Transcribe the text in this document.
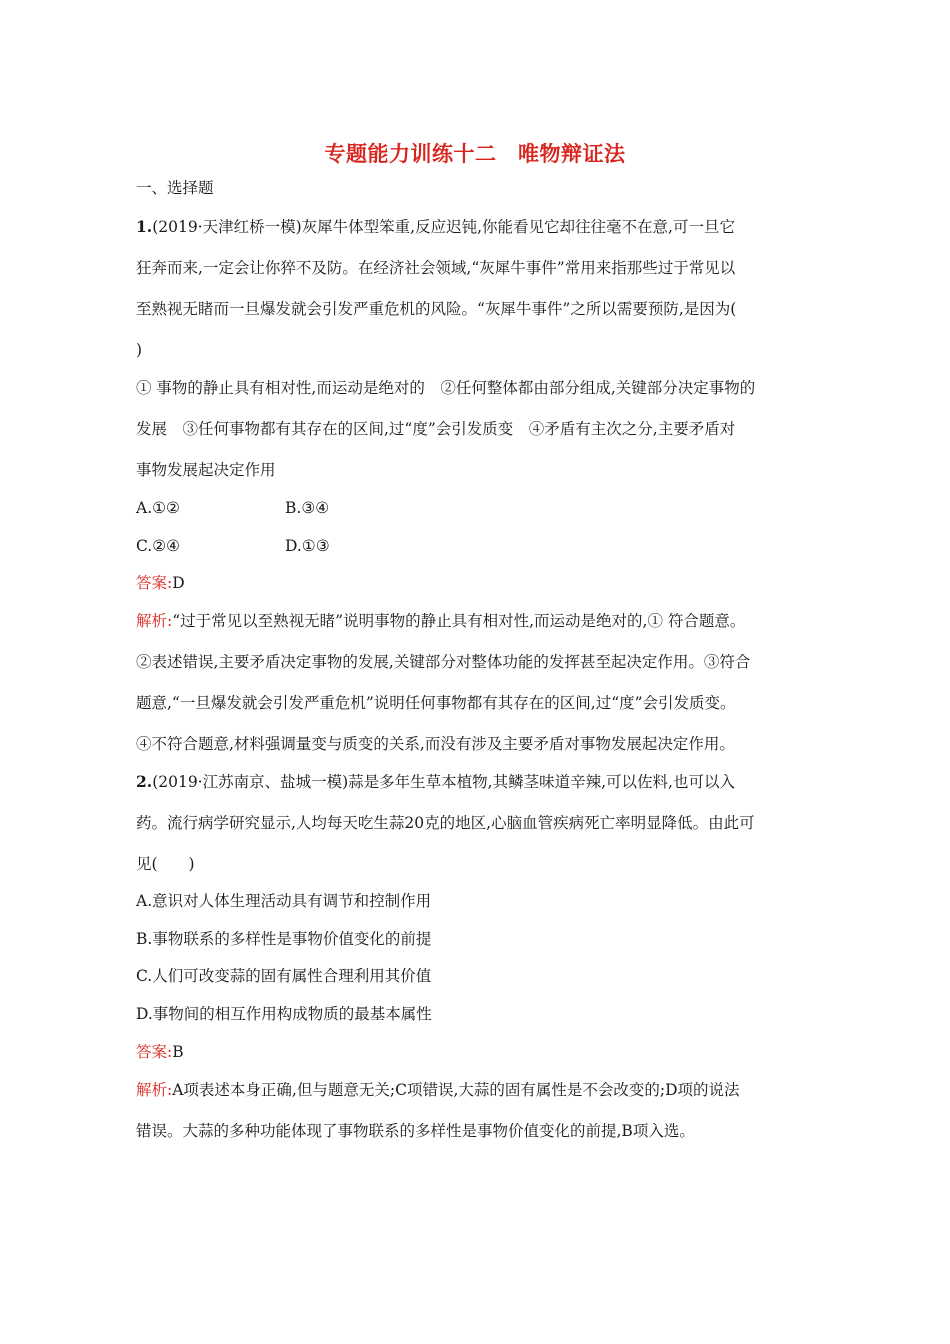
专题能力训练十二　唯物辩证法
一、选择题
1.(2019·天津红桥一模)灰犀牛体型笨重,反应迟钝,你能看见它却往往毫不在意,可一旦它
狂奔而来,一定会让你猝不及防。在经济社会领域,“灰犀牛事件”常用来指那些过于常见以
至熟视无睹而一旦爆发就会引发严重危机的风险。“灰犀牛事件”之所以需要预防,是因为(
)
① 事物的静止具有相对性,而运动是绝对的　②任何整体都由部分组成,关键部分决定事物的
发展　③任何事物都有其存在的区间,过“度”会引发质变　④矛盾有主次之分,主要矛盾对
事物发展起决定作用
A.①②	B.③④
C.②④	D.①③
答案:D
解析:“过于常见以至熟视无睹”说明事物的静止具有相对性,而运动是绝对的,① 符合题意。
②表述错误,主要矛盾决定事物的发展,关键部分对整体功能的发挥甚至起决定作用。③符合
题意,“一旦爆发就会引发严重危机”说明任何事物都有其存在的区间,过“度”会引发质变。
④不符合题意,材料强调量变与质变的关系,而没有涉及主要矛盾对事物发展起决定作用。
2.(2019·江苏南京、盐城一模)蒜是多年生草本植物,其鳞茎味道辛辣,可以佐料,也可以入
药。流行病学研究显示,人均每天吃生蒜20克的地区,心脑血管疾病死亡率明显降低。由此可
见(　　)
A.意识对人体生理活动具有调节和控制作用
B.事物联系的多样性是事物价值变化的前提
C.人们可改变蒜的固有属性合理利用其价值
D.事物间的相互作用构成物质的最基本属性
答案:B
解析:A项表述本身正确,但与题意无关;C项错误,大蒜的固有属性是不会改变的;D项的说法
错误。大蒜的多种功能体现了事物联系的多样性是事物价值变化的前提,B项入选。
